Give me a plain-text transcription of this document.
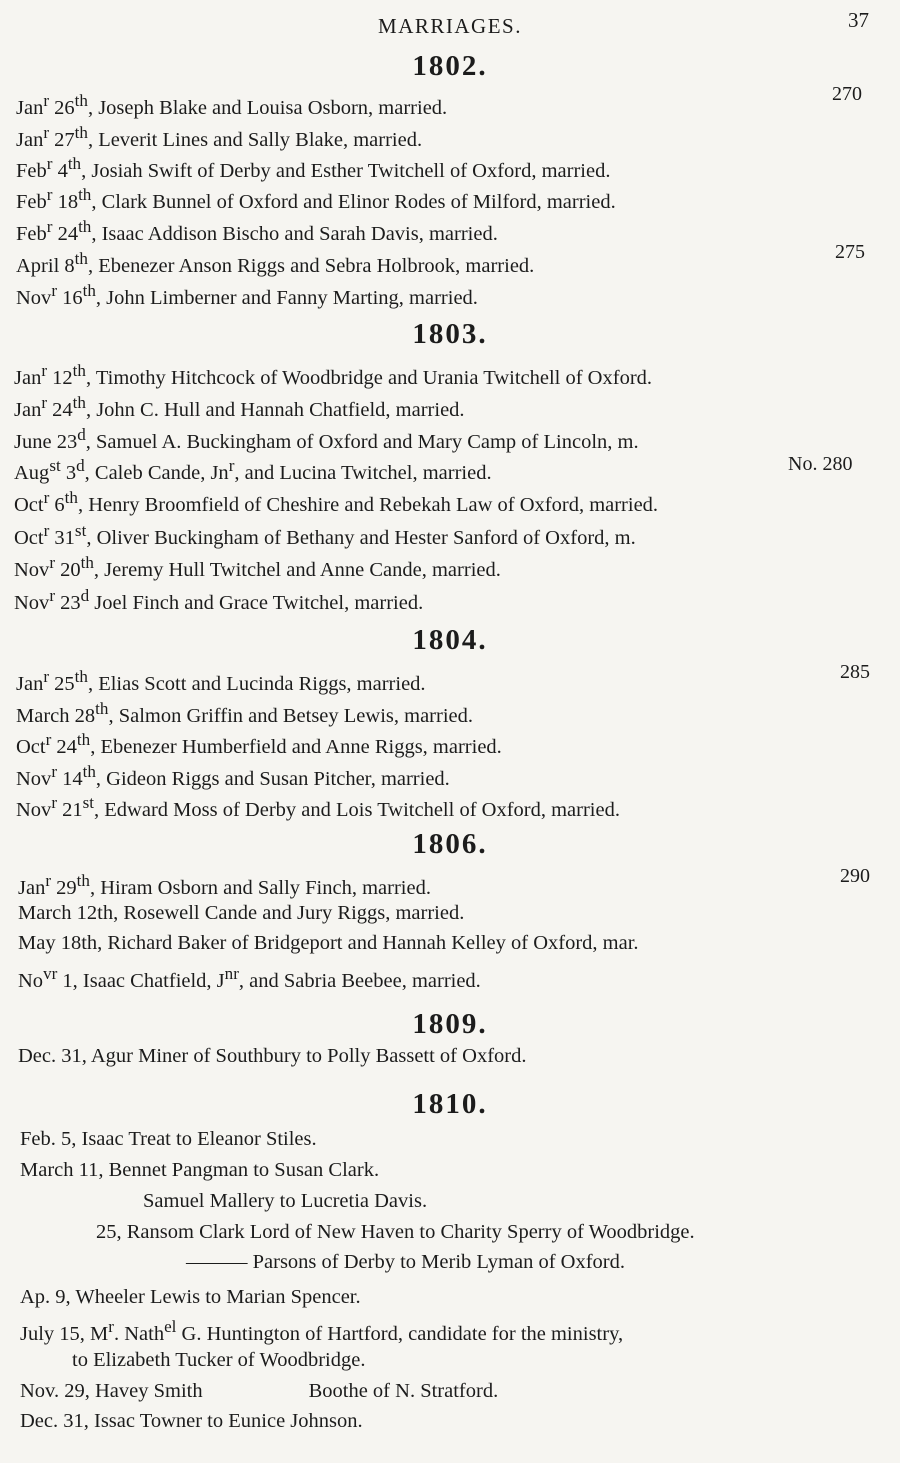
MARRIAGES.	37
1802.
Jan$^r$ 26th, Joseph Blake and Louisa Osborn, married.
Jan$^r$ 27th, Leverit Lines and Sally Blake, married.
Feb$^r$ 4th, Josiah Swift of Derby and Esther Twitchell of Oxford, married.
Feb$^r$ 18th, Clark Bunnel of Oxford and Elinor Rodes of Milford, married.
Feb$^r$ 24th, Isaac Addison Bischo and Sarah Davis, married.
April 8th, Ebenezer Anson Riggs and Sebra Holbrook, married.
Nov$^r$ 16th, John Limberner and Fanny Marting, married.
1803.
Jan$^r$ 12th, Timothy Hitchcock of Woodbridge and Urania Twitchell of Oxford.
Jan$^r$ 24th, John C. Hull and Hannah Chatfield, married.
June 23$^d$, Samuel A. Buckingham of Oxford and Mary Camp of Lincoln, m.
Aug$^{st}$ 3$^d$, Caleb Cande, Jn$^r$, and Lucina Twitchel, married.
Oct$^r$ 6th, Henry Broomfield of Cheshire and Rebekah Law of Oxford, married.
Oct$^r$ 31st, Oliver Buckingham of Bethany and Hester Sanford of Oxford, m.
Nov$^r$ 20th, Jeremy Hull Twitchel and Anne Cande, married.
Nov$^r$ 23$^d$ Joel Finch and Grace Twitchel, married.
1804.
Jan$^r$ 25th, Elias Scott and Lucinda Riggs, married.
March 28th, Salmon Griffin and Betsey Lewis, married.
Oct$^r$ 24th, Ebenezer Humberfield and Anne Riggs, married.
Nov$^r$ 14th, Gideon Riggs and Susan Pitcher, married.
Nov$^r$ 21st, Edward Moss of Derby and Lois Twitchell of Oxford, married.
1806.
Jan$^r$ 29th, Hiram Osborn and Sally Finch, married.
March 12th, Rosewell Cande and Jury Riggs, married.
May 18th, Richard Baker of Bridgeport and Hannah Kelley of Oxford, mar.
$No^{vr}$ 1, Isaac Chatfield, $J^{nr}$, and Sabria Beebee, married.
1809.
Dec. 31, Agur Miner of Southbury to Polly Bassett of Oxford.
1810.
Feb. 5, Isaac Treat to Eleanor Stiles.
March 11, Bennet Pangman to Susan Clark.
Samuel Mallery to Lucretia Davis.
25, Ransom Clark Lord of New Haven to Charity Sperry of Woodbridge.
——— Parsons of Derby to Merib Lyman of Oxford.
Ap. 9, Wheeler Lewis to Marian Spencer.
July 15, $M^r$. Nath$^{el}$ G. Huntington of Hartford, candidate for the ministry,
to Elizabeth Tucker of Woodbridge.
Nov. 29, Havey Smith	Boothe of N. Stratford.
Dec. 31, Issac Towner to Eunice Johnson.
270
275
No. 280
285
290
